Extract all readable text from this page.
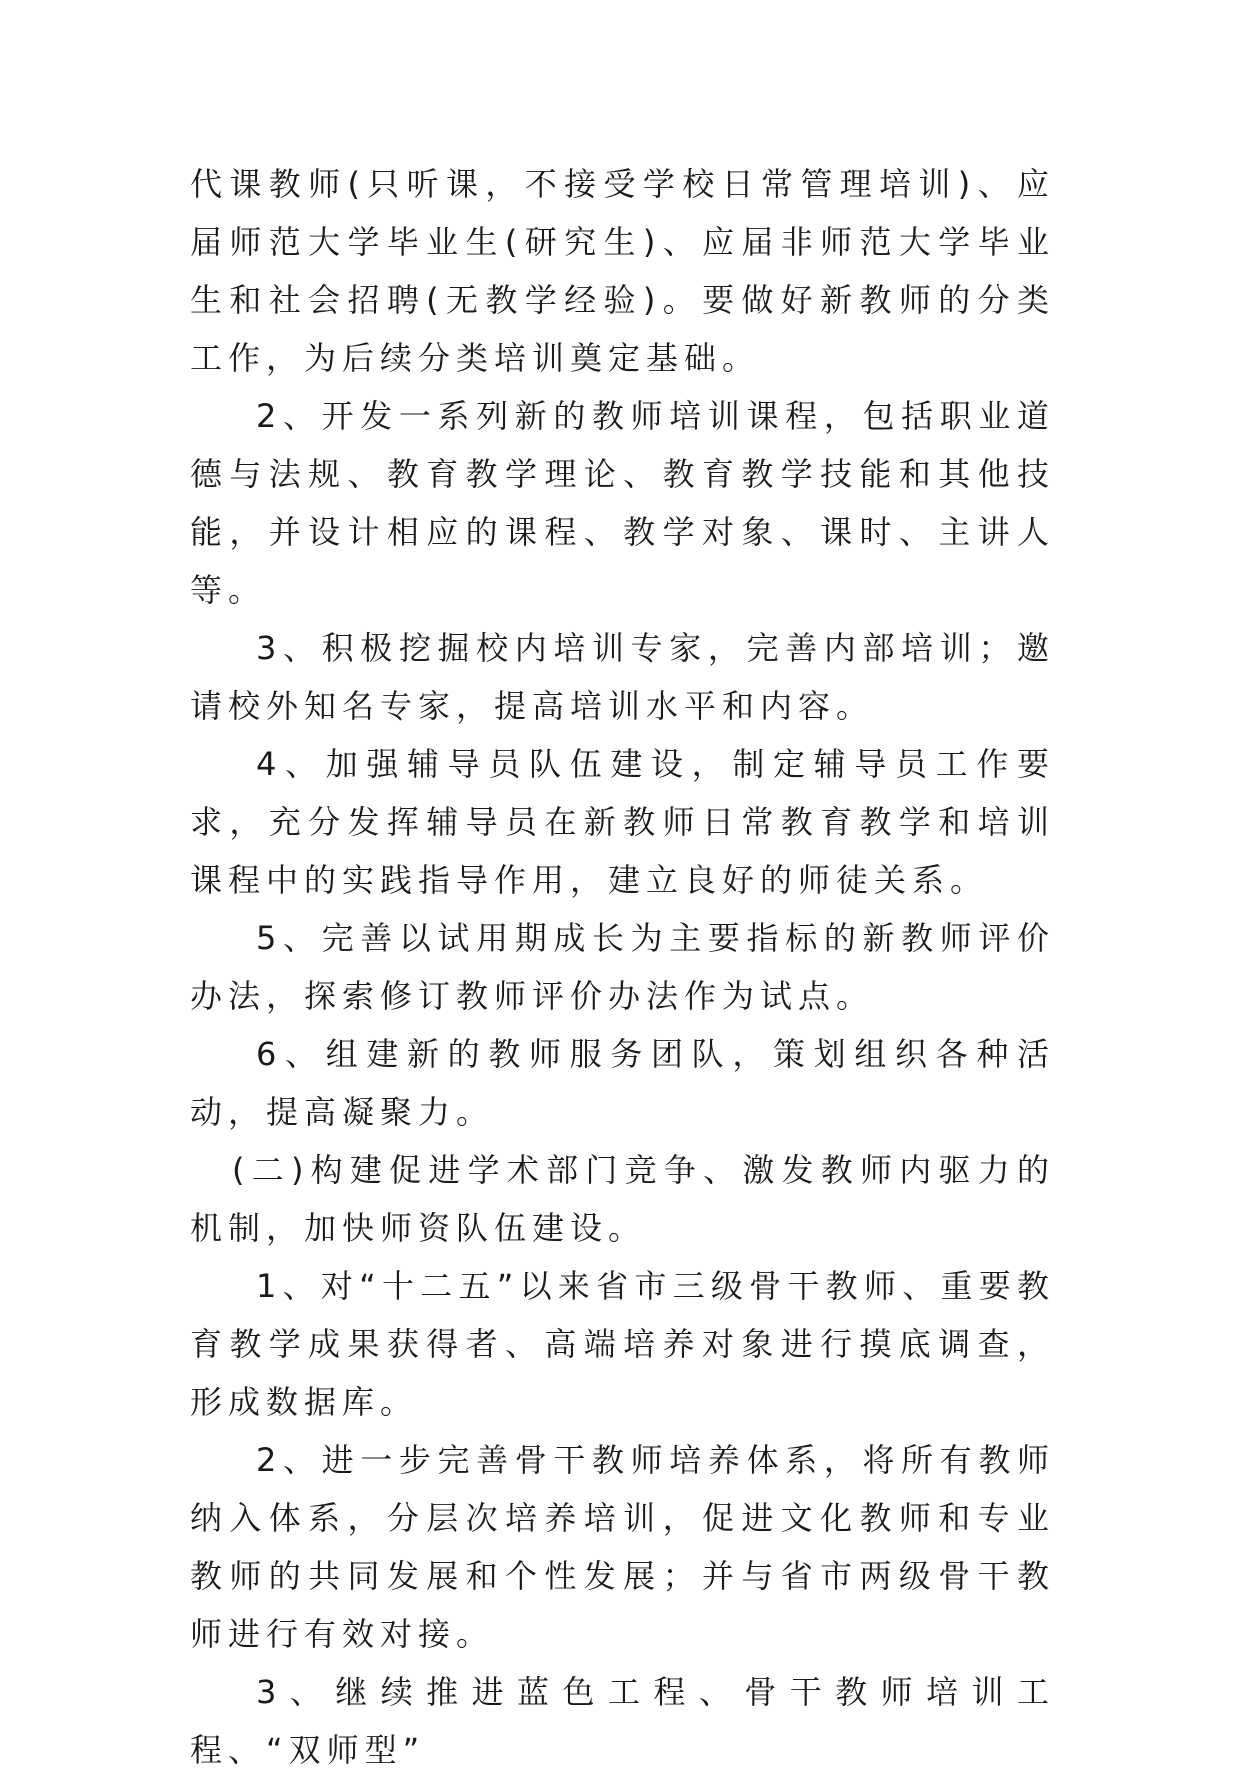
代课教师(只听课，不接受学校日常管理培训)、应届师范大学毕业生(研究生)、应届非师范大学毕业生和社会招聘(无教学经验)。要做好新教师的分类工作，为后续分类培训奠定基础。

2、开发一系列新的教师培训课程，包括职业道德与法规、教育教学理论、教育教学技能和其他技能，并设计相应的课程、教学对象、课时、主讲人等。

3、积极挖掘校内培训专家，完善内部培训；邀请校外知名专家，提高培训水平和内容。

4、加强辅导员队伍建设，制定辅导员工作要求，充分发挥辅导员在新教师日常教育教学和培训课程中的实践指导作用，建立良好的师徒关系。

5、完善以试用期成长为主要指标的新教师评价办法，探索修订教师评价办法作为试点。

6、组建新的教师服务团队，策划组织各种活动，提高凝聚力。

(二)构建促进学术部门竞争、激发教师内驱力的机制，加快师资队伍建设。

1、对“十二五”以来省市三级骨干教师、重要教育教学成果获得者、高端培养对象进行摸底调查，形成数据库。

2、进一步完善骨干教师培养体系，将所有教师纳入体系，分层次培养培训，促进文化教师和专业教师的共同发展和个性发展；并与省市两级骨干教师进行有效对接。

3、继续推进蓝色工程、骨干教师培训工程、“双师型”
